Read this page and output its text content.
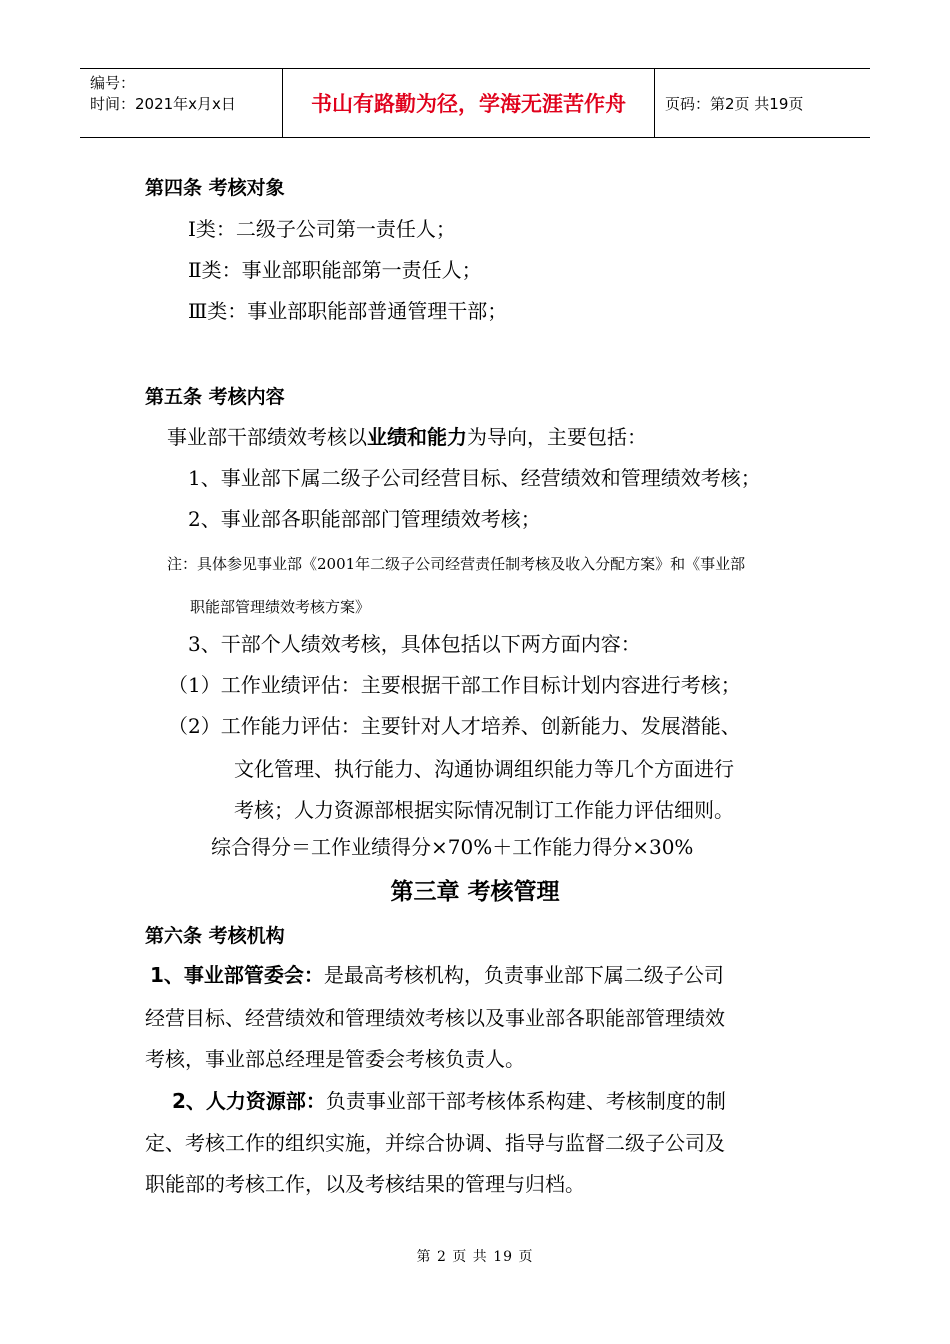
编号：
时间：2021年x月x日	书山有路勤为径，学海无涯苦作舟	页码：第2页 共19页
第四条 考核对象
Ⅰ类：二级子公司第一责任人；
Ⅱ类：事业部职能部第一责任人；
Ⅲ类：事业部职能部普通管理干部；
第五条 考核内容
事业部干部绩效考核以业绩和能力为导向，主要包括：
1、事业部下属二级子公司经营目标、经营绩效和管理绩效考核；
2、事业部各职能部部门管理绩效考核；
注：具体参见事业部《2001年二级子公司经营责任制考核及收入分配方案》和《事业部
职能部管理绩效考核方案》
3、干部个人绩效考核，具体包括以下两方面内容：
（1）工作业绩评估：主要根据干部工作目标计划内容进行考核；
（2）工作能力评估：主要针对人才培养、创新能力、发展潜能、
文化管理、执行能力、沟通协调组织能力等几个方面进行
考核；人力资源部根据实际情况制订工作能力评估细则。
综合得分＝工作业绩得分×70%＋工作能力得分×30%
第三章 考核管理
第六条 考核机构
1、事业部管委会：是最高考核机构，负责事业部下属二级子公司
经营目标、经营绩效和管理绩效考核以及事业部各职能部管理绩效
考核，事业部总经理是管委会考核负责人。
2、人力资源部：负责事业部干部考核体系构建、考核制度的制
定、考核工作的组织实施，并综合协调、指导与监督二级子公司及
职能部的考核工作，以及考核结果的管理与归档。
第 2 页 共 19 页
